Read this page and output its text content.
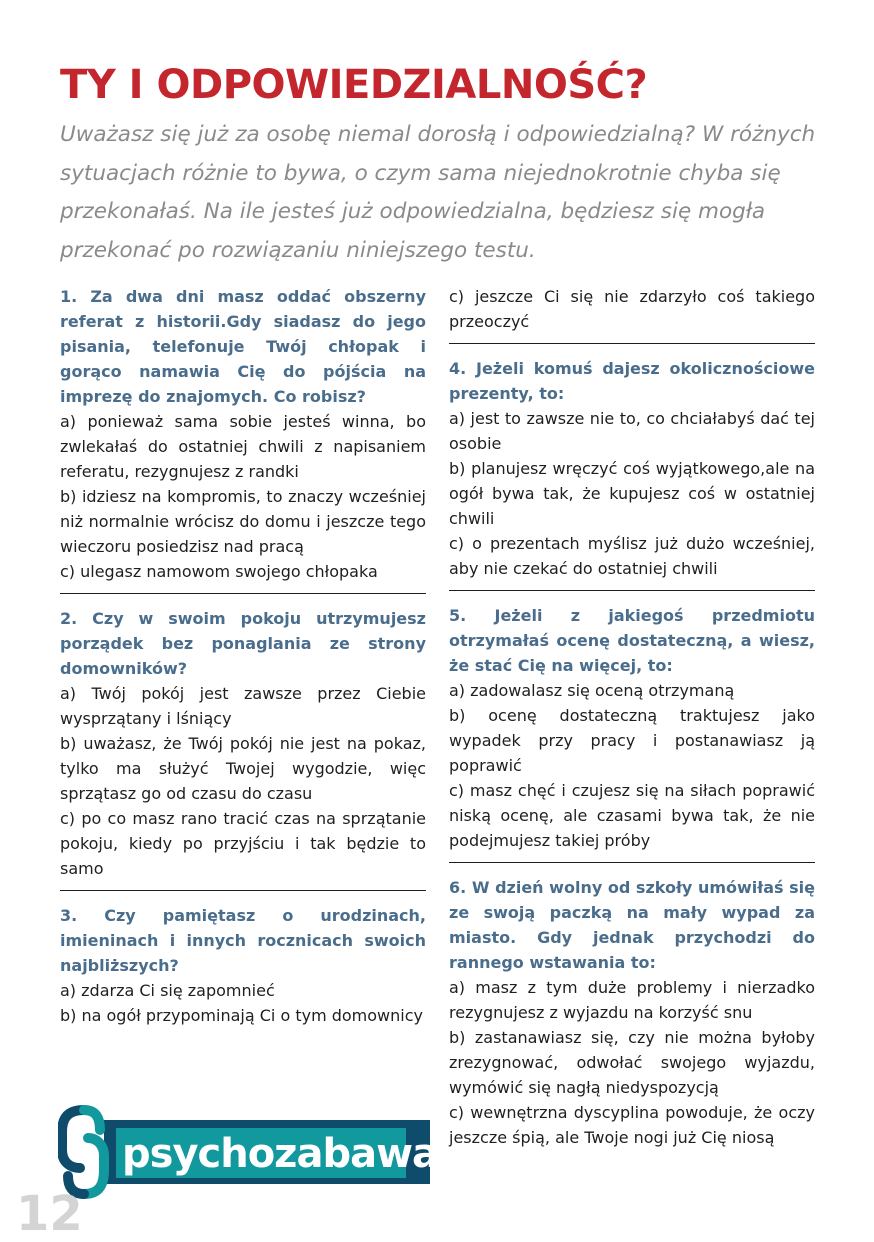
TY I ODPOWIEDZIALNOŚĆ?

Uważasz się już za osobę niemal dorosłą i odpowiedzialną? W różnych sytuacjach różnie to bywa, o czym sama niejednokrotnie chyba się przekonałaś. Na ile jesteś już odpowiedzialna, będziesz się mogła przekonać po rozwiązaniu niniejszego testu.

1. Za dwa dni masz oddać obszerny referat z historii.Gdy siadasz do jego pisania, telefonuje Twój chłopak i gorąco namawia Cię do pójścia na imprezę do znajomych. Co robisz?

a) ponieważ sama sobie jesteś winna, bo zwlekałaś do ostatniej chwili z napisaniem referatu, rezygnujesz z randki

b) idziesz na kompromis, to znaczy wcześniej niż normalnie wrócisz do domu i jeszcze tego wieczoru posiedzisz nad pracą

c) ulegasz namowom swojego chłopaka

2. Czy w swoim pokoju utrzymujesz porządek bez ponaglania ze strony domowników?

a) Twój pokój jest zawsze przez Ciebie wysprzątany i lśniący

b) uważasz, że Twój pokój nie jest na pokaz, tylko ma służyć Twojej wygodzie, więc sprzątasz go od czasu do czasu

c) po co masz rano tracić czas na sprzątanie pokoju, kiedy po przyjściu i tak będzie to samo

3. Czy pamiętasz o urodzinach, imieninach i innych rocznicach swoich najbliższych?

a) zdarza Ci się zapomnieć

b) na ogół przypominają Ci o tym domownicy

c) jeszcze Ci się nie zdarzyło coś takiego przeoczyć

4. Jeżeli komuś dajesz okolicznościowe prezenty, to:

a) jest to zawsze nie to, co chciałabyś dać tej osobie

b) planujesz wręczyć coś wyjątkowego,ale na ogół bywa tak, że kupujesz coś w ostatniej chwili

c) o prezentach myślisz już dużo wcześniej, aby nie czekać do ostatniej chwili

5. Jeżeli z jakiegoś przedmiotu otrzymałaś ocenę dostateczną, a wiesz, że stać Cię na więcej, to:

a) zadowalasz się oceną otrzymaną

b) ocenę dostateczną traktujesz jako wypadek przy pracy i postanawiasz ją poprawić

c) masz chęć i czujesz się na siłach poprawić niską ocenę, ale czasami bywa tak, że nie podejmujesz takiej próby

6. W dzień wolny od szkoły umówiłaś się ze swoją paczką na mały wypad za miasto. Gdy jednak przychodzi do rannego wstawania to:

a) masz z tym duże problemy i nierzadko rezygnujesz z wyjazdu na korzyść snu

b) zastanawiasz się, czy nie można byłoby zrezygnować, odwołać swojego wyjazdu, wymówić się nagłą niedyspozycją

c) wewnętrzna dyscyplina powoduje, że oczy jeszcze śpią, ale Twoje nogi już Cię niosą

psychozabawa
12
